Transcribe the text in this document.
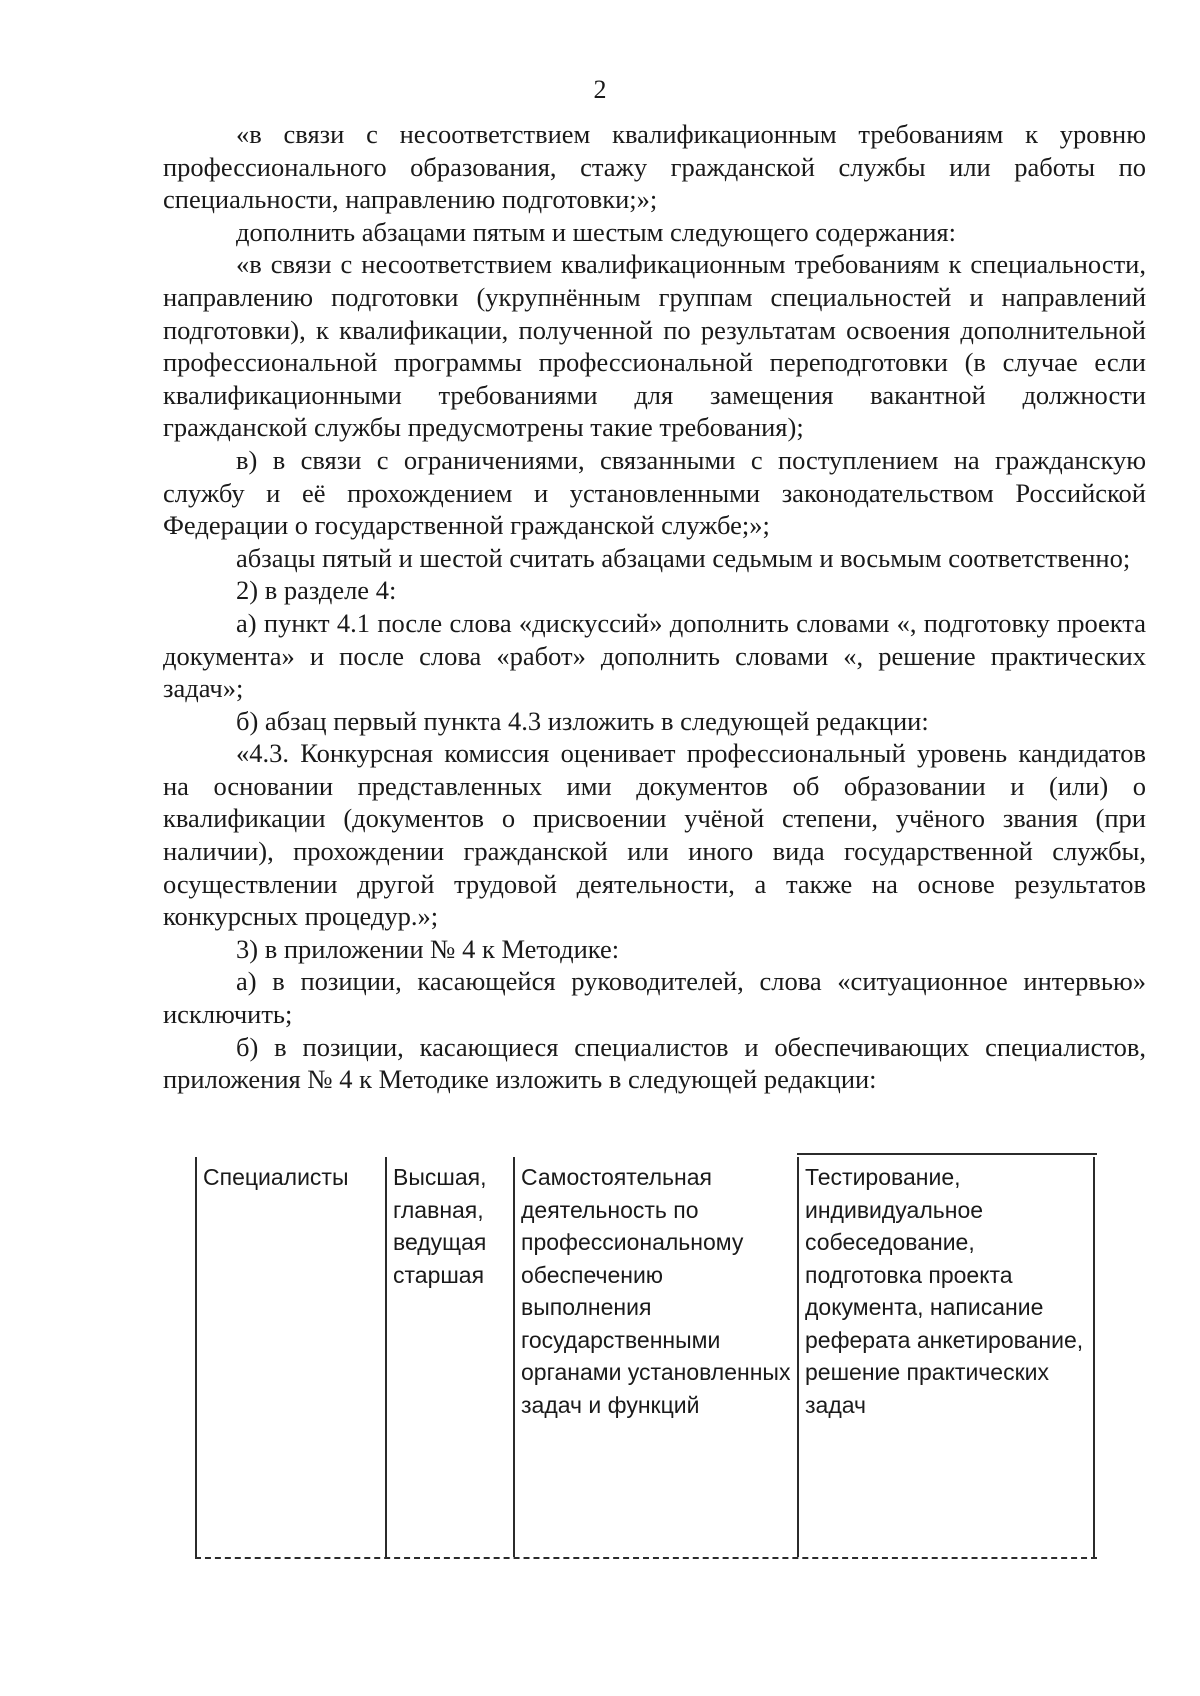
2

«в связи с несоответствием квалификационным требованиям к уровню профессионального образования, стажу гражданской службы или работы по специальности, направлению подготовки;»;

дополнить абзацами пятым и шестым следующего содержания:

«в связи с несоответствием квалификационным требованиям к специальности, направлению подготовки (укрупнённым группам специальностей и направлений подготовки), к квалификации, полученной по результатам освоения дополнительной профессиональной программы профессиональной переподготовки (в случае если квалификационными требованиями для замещения вакантной должности гражданской службы предусмотрены такие требования);

в) в связи с ограничениями, связанными с поступлением на гражданскую службу и её прохождением и установленными законодательством Российской Федерации о государственной гражданской службе;»;

абзацы пятый и шестой считать абзацами седьмым и восьмым соответственно;

2) в разделе 4:

а) пункт 4.1 после слова «дискуссий» дополнить словами «, подготовку проекта документа» и после слова «работ» дополнить словами «, решение практических задач»;

б) абзац первый пункта 4.3 изложить в следующей редакции:

«4.3. Конкурсная комиссия оценивает профессиональный уровень кандидатов на основании представленных ими документов об образовании и (или) о квалификации (документов о присвоении учёной степени, учёного звания (при наличии), прохождении гражданской или иного вида государственной службы, осуществлении другой трудовой деятельности, а также на основе результатов конкурсных процедур.»;

3) в приложении № 4 к Методике:

а) в позиции, касающейся руководителей, слова «ситуационное интервью» исключить;

б) в позиции, касающиеся специалистов и обеспечивающих специалистов, приложения № 4 к Методике изложить в следующей редакции:

Специалисты	Высшая, главная, ведущая старшая
Самостоятельная деятельность по профессиональному обеспечению выполнения государственными органами установленных задач и функций
Тестирование, индивидуальное собеседование, подготовка проекта документа, написание реферата анкетирование, решение практических задач
